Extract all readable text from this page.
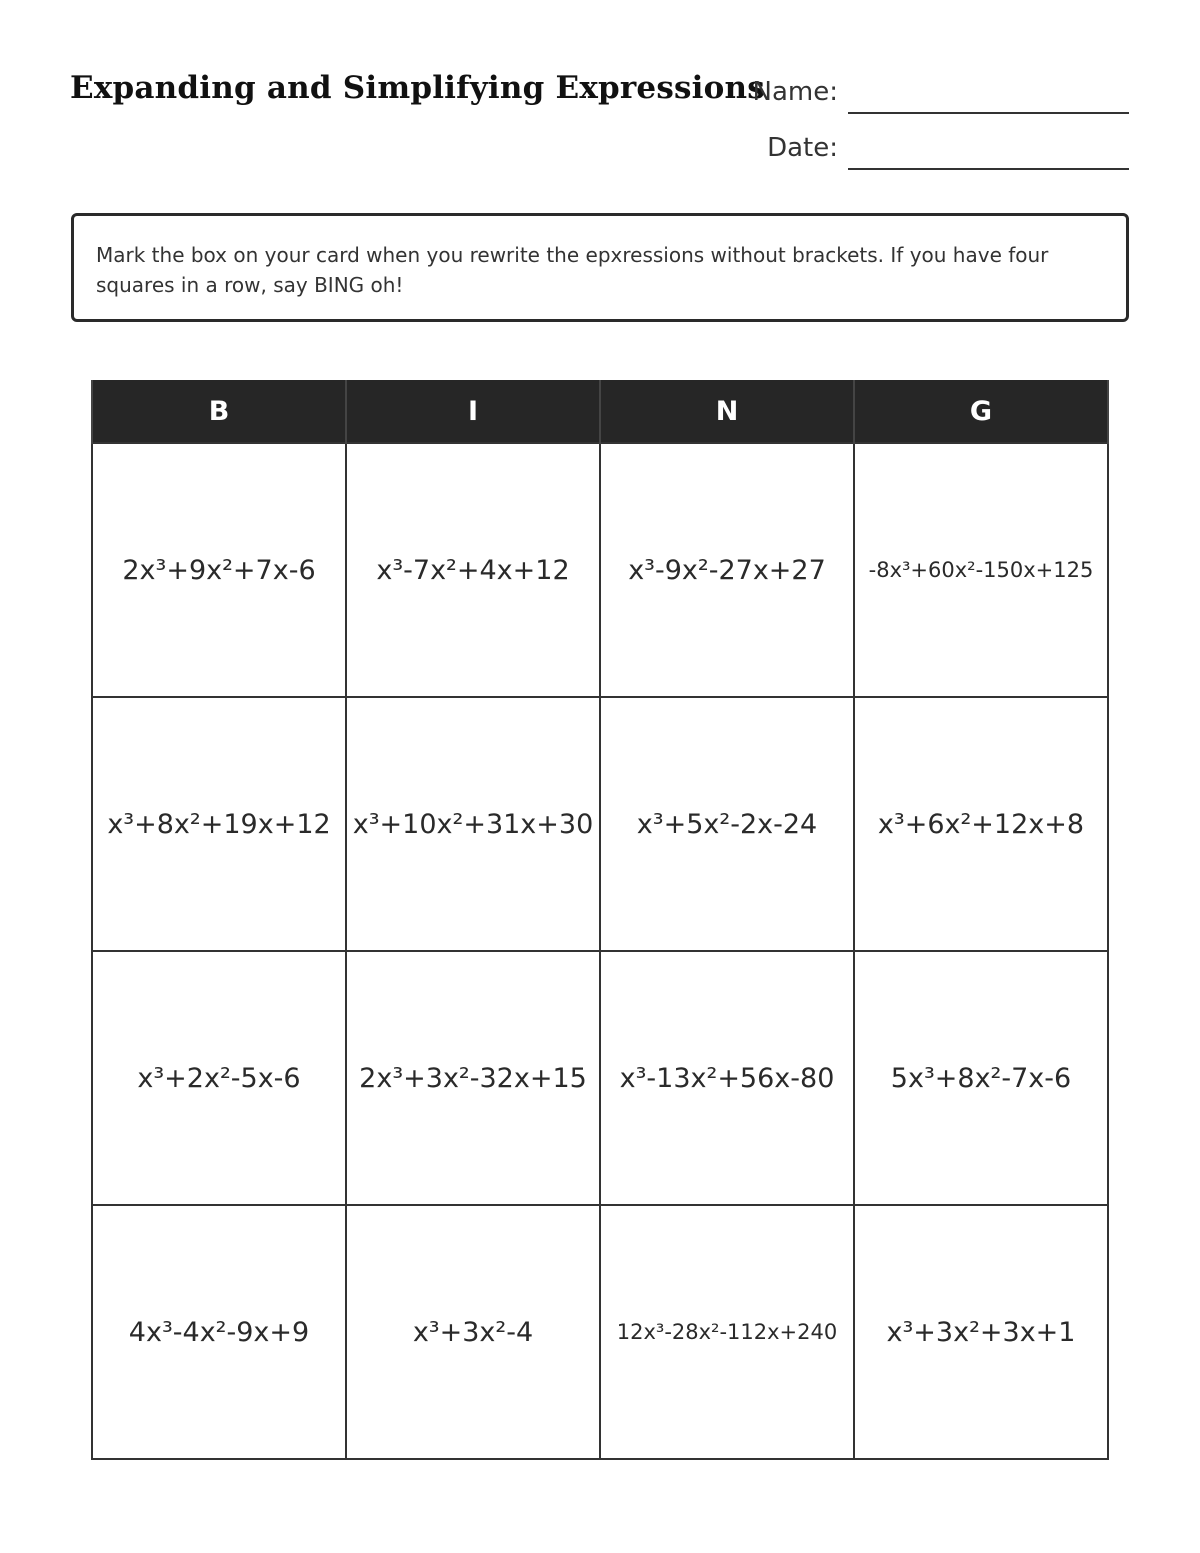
Expanding and Simplifying Expressions
Name:
Date:
Mark the box on your card when you rewrite the epxressions without brackets. If you have four squares in a row, say BING oh!
B	I	N	G
2x³+9x²+7x-6	x³-7x²+4x+12	x³-9x²-27x+27	-8x³+60x²-150x+125
x³+8x²+19x+12	x³+10x²+31x+30	x³+5x²-2x-24	x³+6x²+12x+8
x³+2x²-5x-6	2x³+3x²-32x+15	x³-13x²+56x-80	5x³+8x²-7x-6
4x³-4x²-9x+9	x³+3x²-4	12x³-28x²-112x+240	x³+3x²+3x+1
